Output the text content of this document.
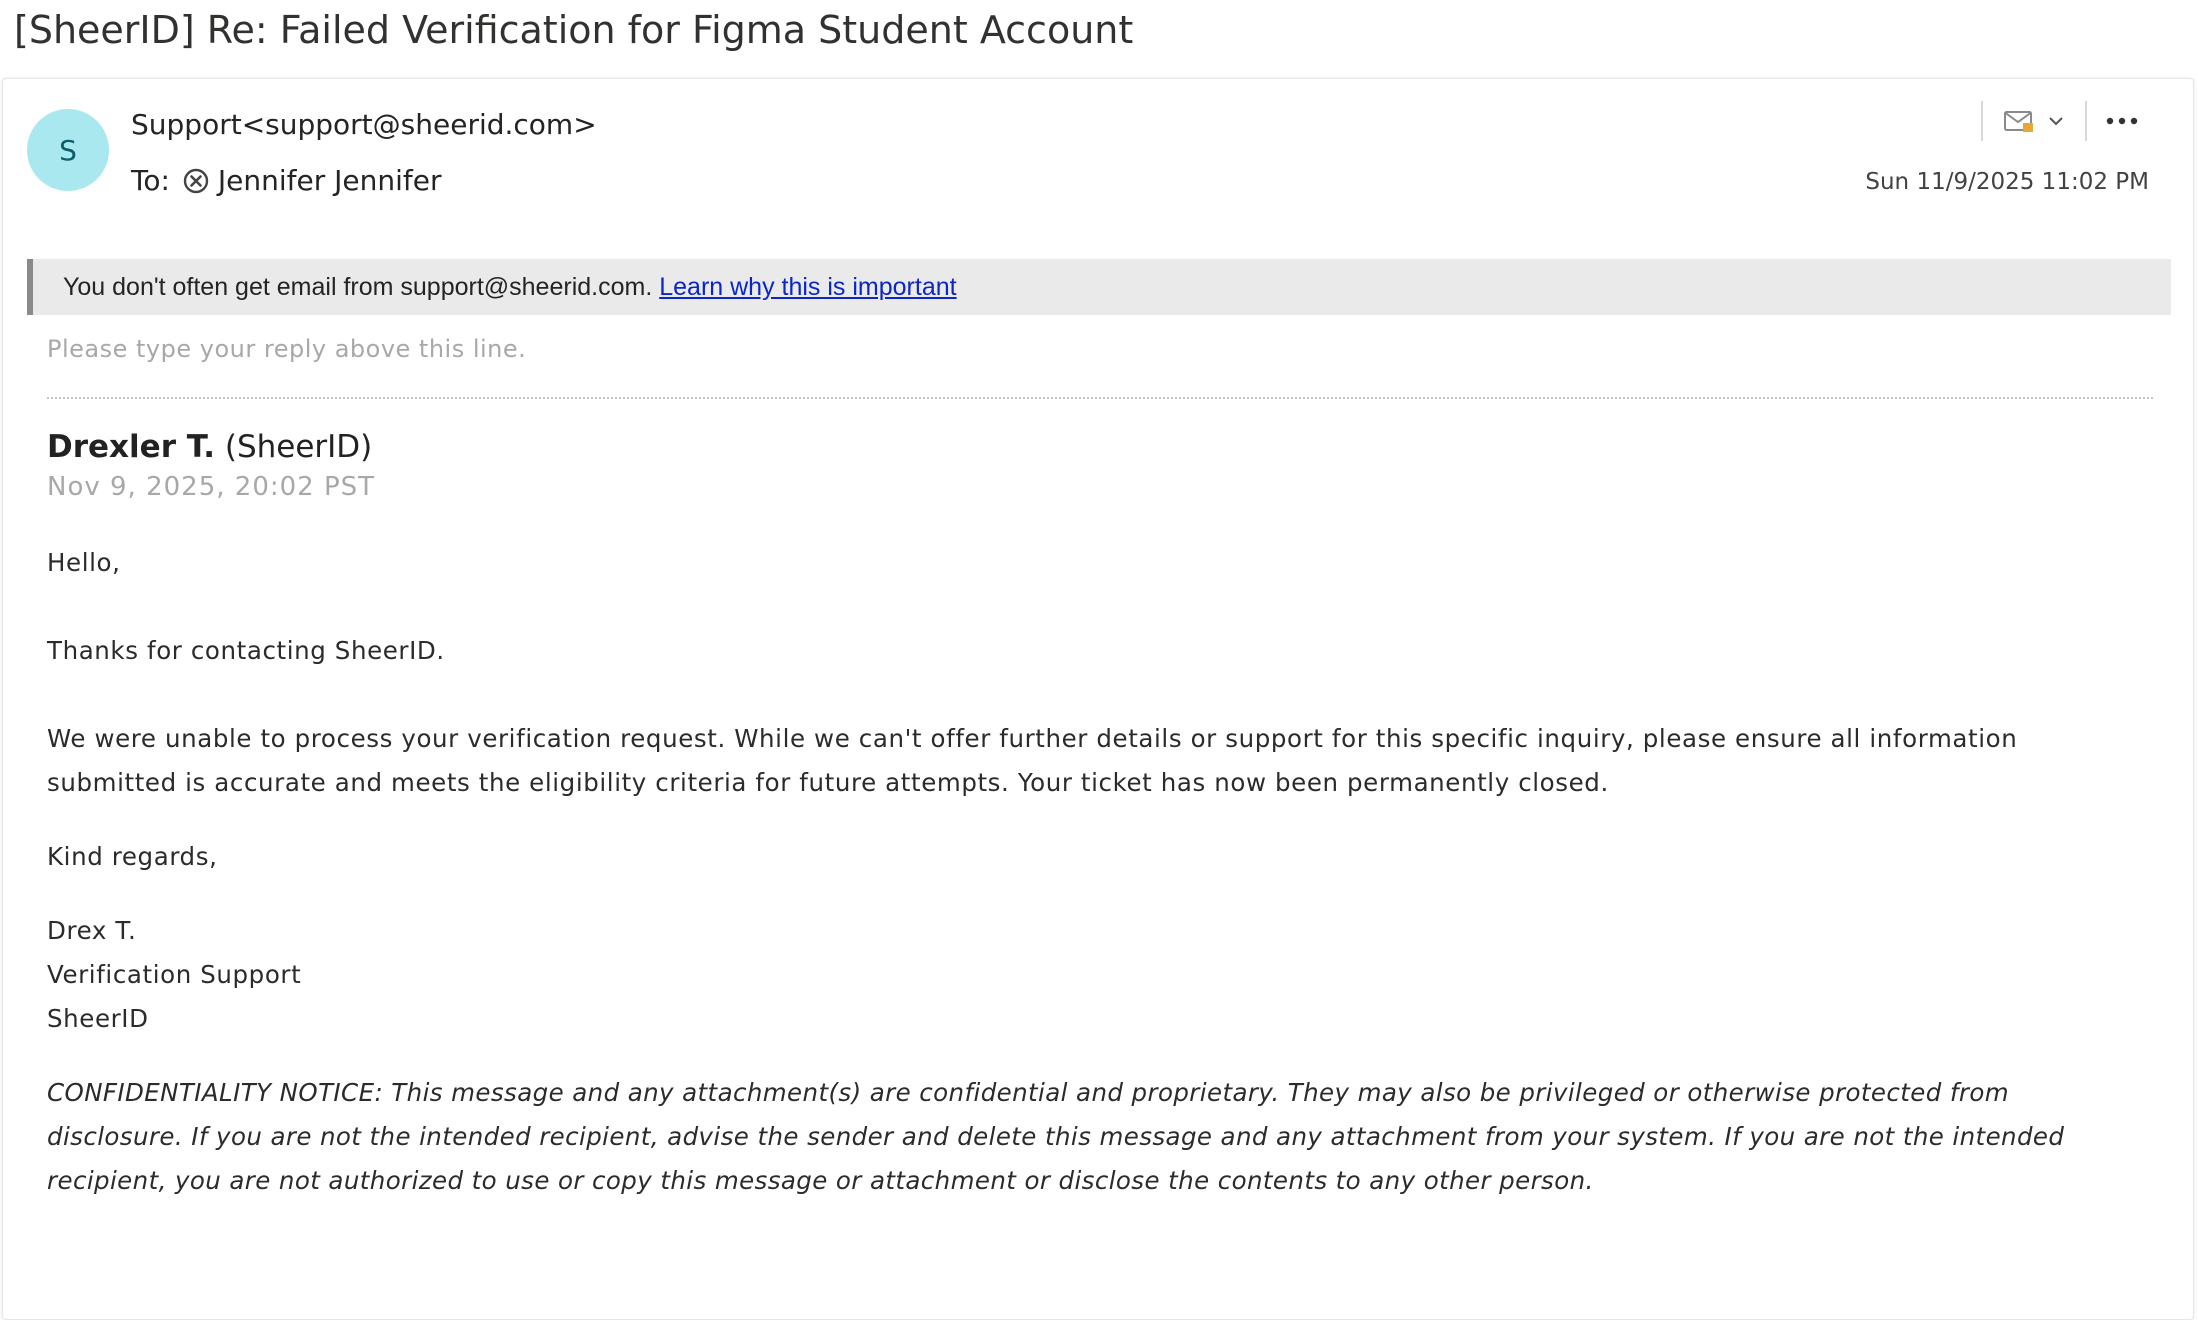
[SheerID] Re: Failed Verification for Figma Student Account
S
Support<support@sheerid.com>
To: Jennifer Jennifer	Sun 11/9/2025 11:02 PM
You don't often get email from support@sheerid.com. Learn why this is important
Please type your reply above this line.
Drexler T. (SheerID)
Nov 9, 2025, 20:02 PST
Hello,
Thanks for contacting SheerID.
We were unable to process your verification request. While we can't offer further details or support for this specific inquiry, please ensure all information submitted is accurate and meets the eligibility criteria for future attempts. Your ticket has now been permanently closed.
Kind regards,
Drex T.
Verification Support
SheerID
CONFIDENTIALITY NOTICE: This message and any attachment(s) are confidential and proprietary. They may also be privileged or otherwise protected from disclosure. If you are not the intended recipient, advise the sender and delete this message and any attachment from your system. If you are not the intended recipient, you are not authorized to use or copy this message or attachment or disclose the contents to any other person.
